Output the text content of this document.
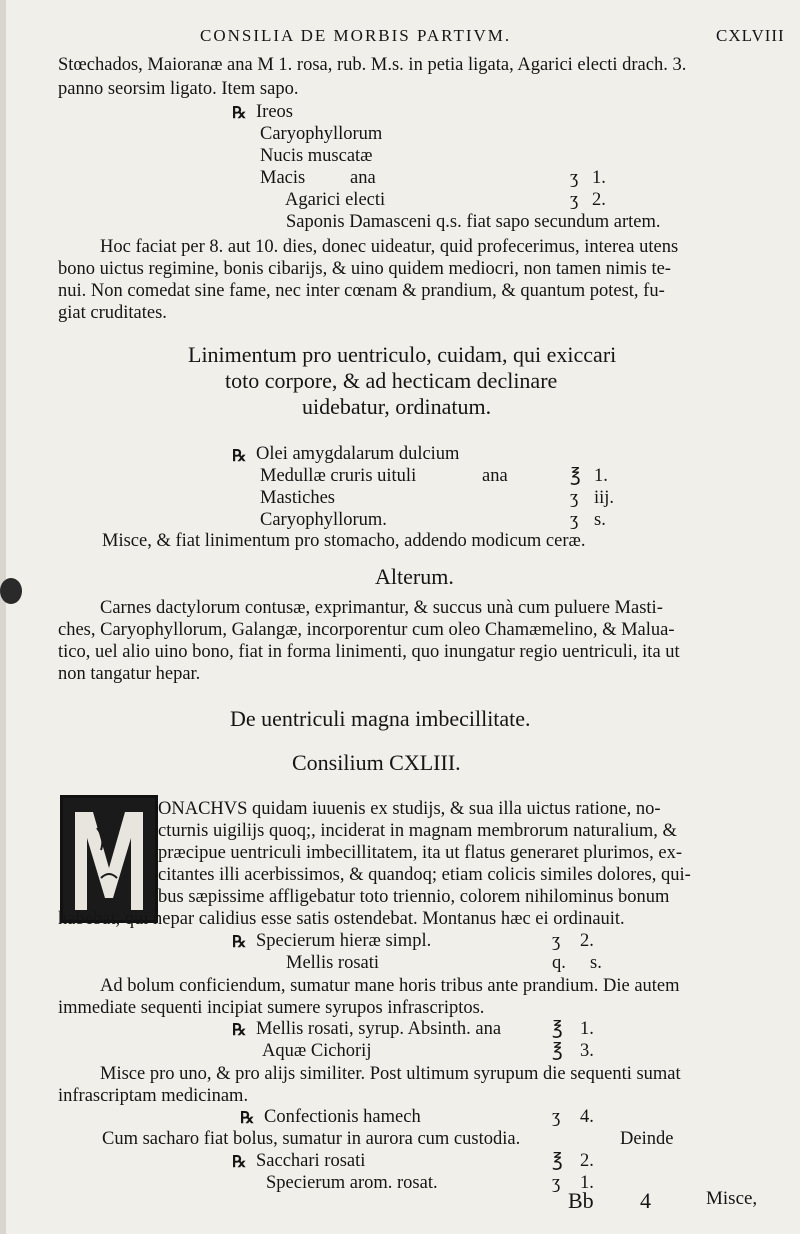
CONSILIA DE MORBIS PARTIVM.	CXLVIII
Stœchados, Maioranæ ana M 1. rosa, rub. M.s. in petia ligata, Agarici electi drach. 3.
panno seorsim ligato. Item sapo.
℞ Ireos
Caryophyllorum
Nucis muscatæ
Macis ana	ʒ 1.
Agarici electi	ʒ 2.
Saponis Damasceni q.s. fiat sapo secundum artem.
Hoc faciat per 8. aut 10. dies, donec uideatur, quid profecerimus, interea utens
bono uictus regimine, bonis cibarijs, & uino quidem mediocri, non tamen nimis te-
nui. Non comedat sine fame, nec inter cœnam & prandium, & quantum potest, fu-
giat cruditates.
Linimentum pro uentriculo, cuidam, qui exiccari
toto corpore, & ad hecticam declinare
uidebatur, ordinatum.
℞ Olei amygdalarum dulcium
Medullæ cruris uituli	ana	℥ 1.
Mastiches	ʒ iij.
Caryophyllorum.	ʒ s.
Misce, & fiat linimentum pro stomacho, addendo modicum ceræ.
Alterum.
Carnes dactylorum contusæ, exprimantur, & succus unà cum puluere Masti-
ches, Caryophyllorum, Galangæ, incorporentur cum oleo Chamæmelino, & Malua-
tico, uel alio uino bono, fiat in forma linimenti, quo inungatur regio uentriculi, ita ut
non tangatur hepar.
De uentriculi magna imbecillitate.
Consilium CXLIII.
ONACHVS quidam iuuenis ex studijs, & sua illa uictus ratione, no-
cturnis uigilijs quoq;, inciderat in magnam membrorum naturalium, &
præcipue uentriculi imbecillitatem, ita ut flatus generaret plurimos, ex-
citantes illi acerbissimos, & quandoq; etiam colicis similes dolores, qui-
bus sæpissime affligebatur toto triennio, colorem nihilominus bonum
habebat, qui hepar calidius esse satis ostendebat. Montanus hæc ei ordinauit.
℞ Specierum hieræ simpl.	ʒ 2.
Mellis rosati	q. s.
Ad bolum conficiendum, sumatur mane horis tribus ante prandium. Die autem
immediate sequenti incipiat sumere syrupos infrascriptos.
℞ Mellis rosati, syrup. Absinth. ana	℥ 1.
Aquæ Cichorij	℥ 3.
Misce pro uno, & pro alijs similiter. Post ultimum syrupum die sequenti sumat
infrascriptam medicinam.
℞ Confectionis hamech	ʒ 4.
Cum sacharo fiat bolus, sumatur in aurora cum custodia.	Deinde
℞ Sacchari rosati	℥ 2.
Specierum arom. rosat.	ʒ 1.
Bb 4	Misce,
